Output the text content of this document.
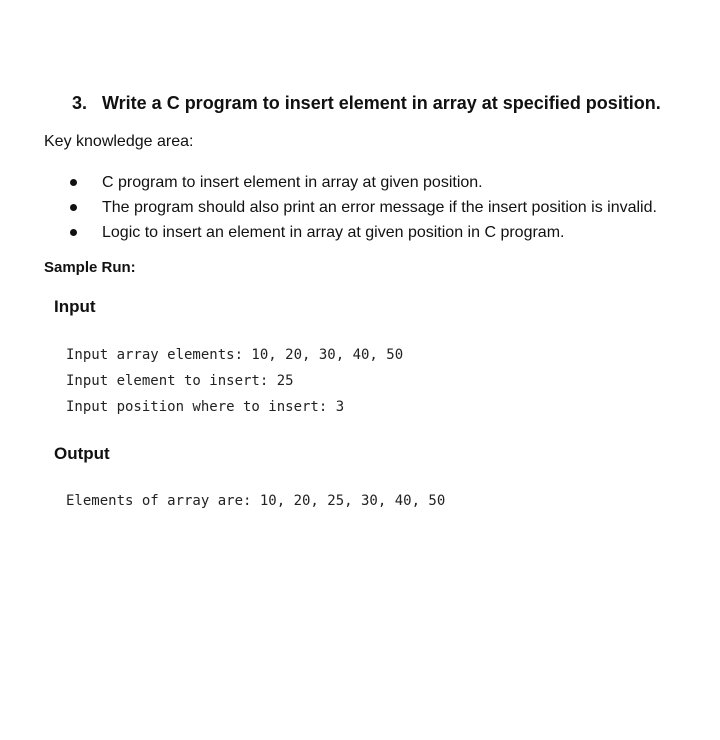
3. Write a C program to insert element in array at specified position.
Key knowledge area:
C program to insert element in array at given position.
The program should also print an error message if the insert position is invalid.
Logic to insert an element in array at given position in C program.
Sample Run:
Input
Input array elements: 10, 20, 30, 40, 50
Input element to insert: 25
Input position where to insert: 3
Output
Elements of array are: 10, 20, 25, 30, 40, 50
